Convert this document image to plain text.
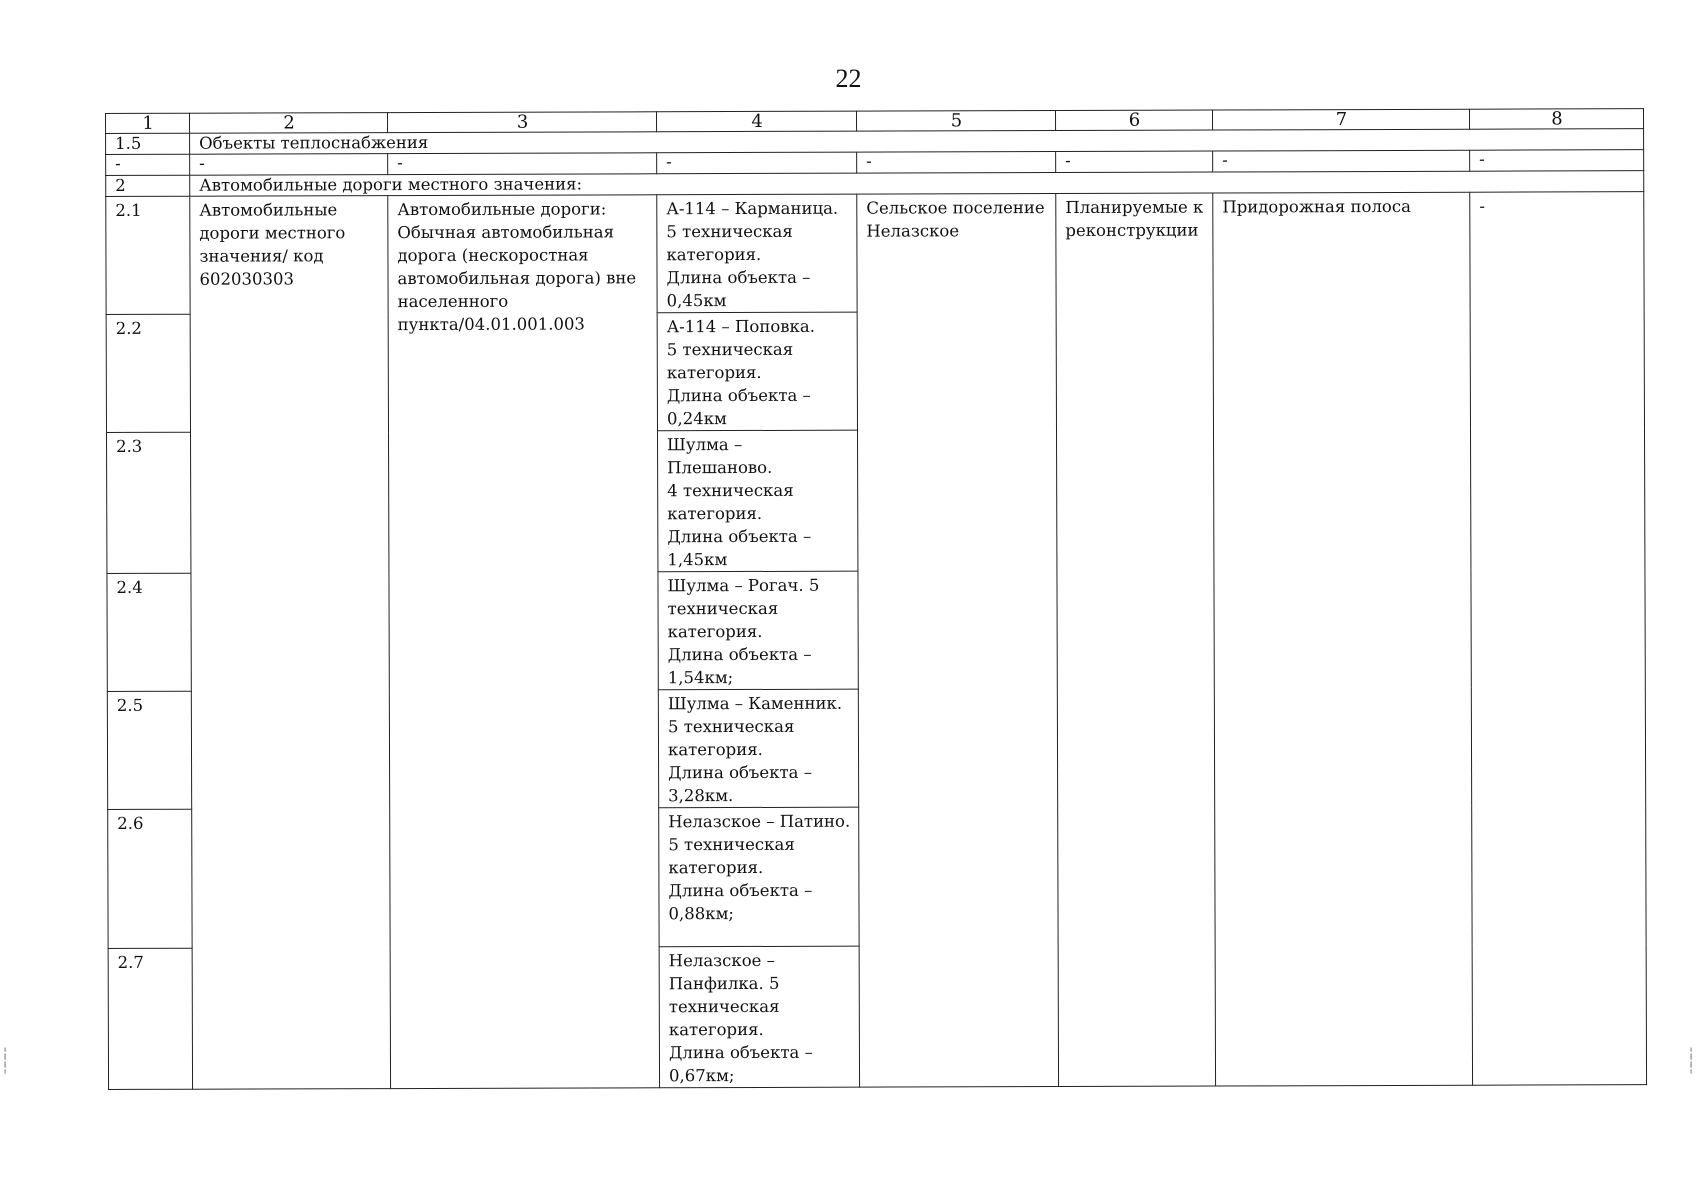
22
1	2	3	4	5	6	7	8
1.5	Объекты теплоснабжения						
-	-	-	-	-	-	-	-
2	Автомобильные дороги местного значения:						
2.1	Автомобильные дороги местного значения/ код 602030303	Автомобильные дороги: Обычная автомобильная дорога (нескоростная автомобильная дорога) вне населенного пункта/04.01.001.003	А-114 – Карманица.
5 техническая категория.
Длина объекта – 0,45км	Сельское поселение Нелазское	Планируемые к реконструкции	Придорожная полоса	-
2.2			А-114 – Поповка.
5 техническая категория.
Длина объекта – 0,24км				
2.3			Шулма – Плешаново.
4 техническая категория.
Длина объекта – 1,45км				
2.4			Шулма – Рогач. 5 техническая категория.
Длина объекта – 1,54км;				
2.5			Шулма – Каменник.
5 техническая категория.
Длина объекта – 3,28км.				
2.6			Нелазское – Патино. 5 техническая категория.
Длина объекта – 0,88км;				
2.7			Нелазское – Панфилка. 5 техническая категория.
Длина объекта – 0,67км;				
╎
╎
╎
╎
╎
╎
